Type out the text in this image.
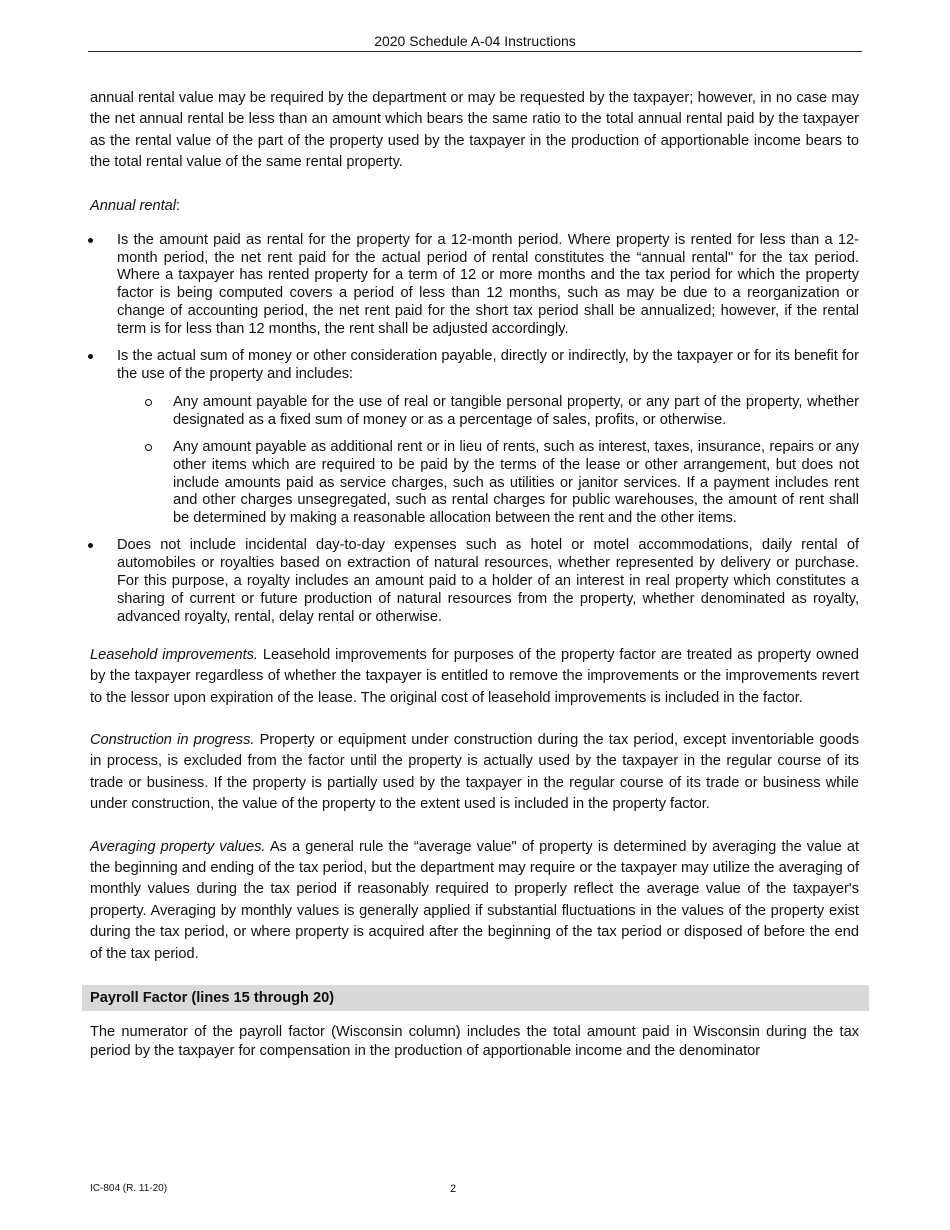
2020 Schedule A-04 Instructions

annual rental value may be required by the department or may be requested by the taxpayer; however, in no case may the net annual rental be less than an amount which bears the same ratio to the total annual rental paid by the taxpayer as the rental value of the part of the property used by the taxpayer in the production of apportionable income bears to the total rental value of the same rental property.

Annual rental:
Is the amount paid as rental for the property for a 12-month period. Where property is rented for less than a 12-month period, the net rent paid for the actual period of rental constitutes the “annual rental" for the tax period. Where a taxpayer has rented property for a term of 12 or more months and the tax period for which the property factor is being computed covers a period of less than 12 months, such as may be due to a reorganization or change of accounting period, the net rent paid for the short tax period shall be annualized; however, if the rental term is for less than 12 months, the rent shall be adjusted accordingly.
Is the actual sum of money or other consideration payable, directly or indirectly, by the taxpayer or for its benefit for the use of the property and includes:
Any amount payable for the use of real or tangible personal property, or any part of the property, whether designated as a fixed sum of money or as a percentage of sales, profits, or otherwise.
Any amount payable as additional rent or in lieu of rents, such as interest, taxes, insurance, repairs or any other items which are required to be paid by the terms of the lease or other arrangement, but does not include amounts paid as service charges, such as utilities or janitor services. If a payment includes rent and other charges unsegregated, such as rental charges for public warehouses, the amount of rent shall be determined by making a reasonable allocation between the rent and the other items.
Does not include incidental day-to-day expenses such as hotel or motel accommodations, daily rental of automobiles or royalties based on extraction of natural resources, whether represented by delivery or purchase. For this purpose, a royalty includes an amount paid to a holder of an interest in real property which constitutes a sharing of current or future production of natural resources from the property, whether denominated as royalty, advanced royalty, rental, delay rental or otherwise.

Leasehold improvements. Leasehold improvements for purposes of the property factor are treated as property owned by the taxpayer regardless of whether the taxpayer is entitled to remove the improvements or the improvements revert to the lessor upon expiration of the lease. The original cost of leasehold improvements is included in the factor.

Construction in progress. Property or equipment under construction during the tax period, except inventoriable goods in process, is excluded from the factor until the property is actually used by the taxpayer in the regular course of its trade or business. If the property is partially used by the taxpayer in the regular course of its trade or business while under construction, the value of the property to the extent used is included in the property factor.

Averaging property values. As a general rule the “average value" of property is determined by averaging the value at the beginning and ending of the tax period, but the department may require or the taxpayer may utilize the averaging of monthly values during the tax period if reasonably required to properly reflect the average value of the taxpayer's property. Averaging by monthly values is generally applied if substantial fluctuations in the values of the property exist during the tax period, or where property is acquired after the beginning of the tax period or disposed of before the end of the tax period.

Payroll Factor (lines 15 through 20)

The numerator of the payroll factor (Wisconsin column) includes the total amount paid in Wisconsin during the tax period by the taxpayer for compensation in the production of apportionable income and the denominator

IC-804 (R. 11-20)	2
